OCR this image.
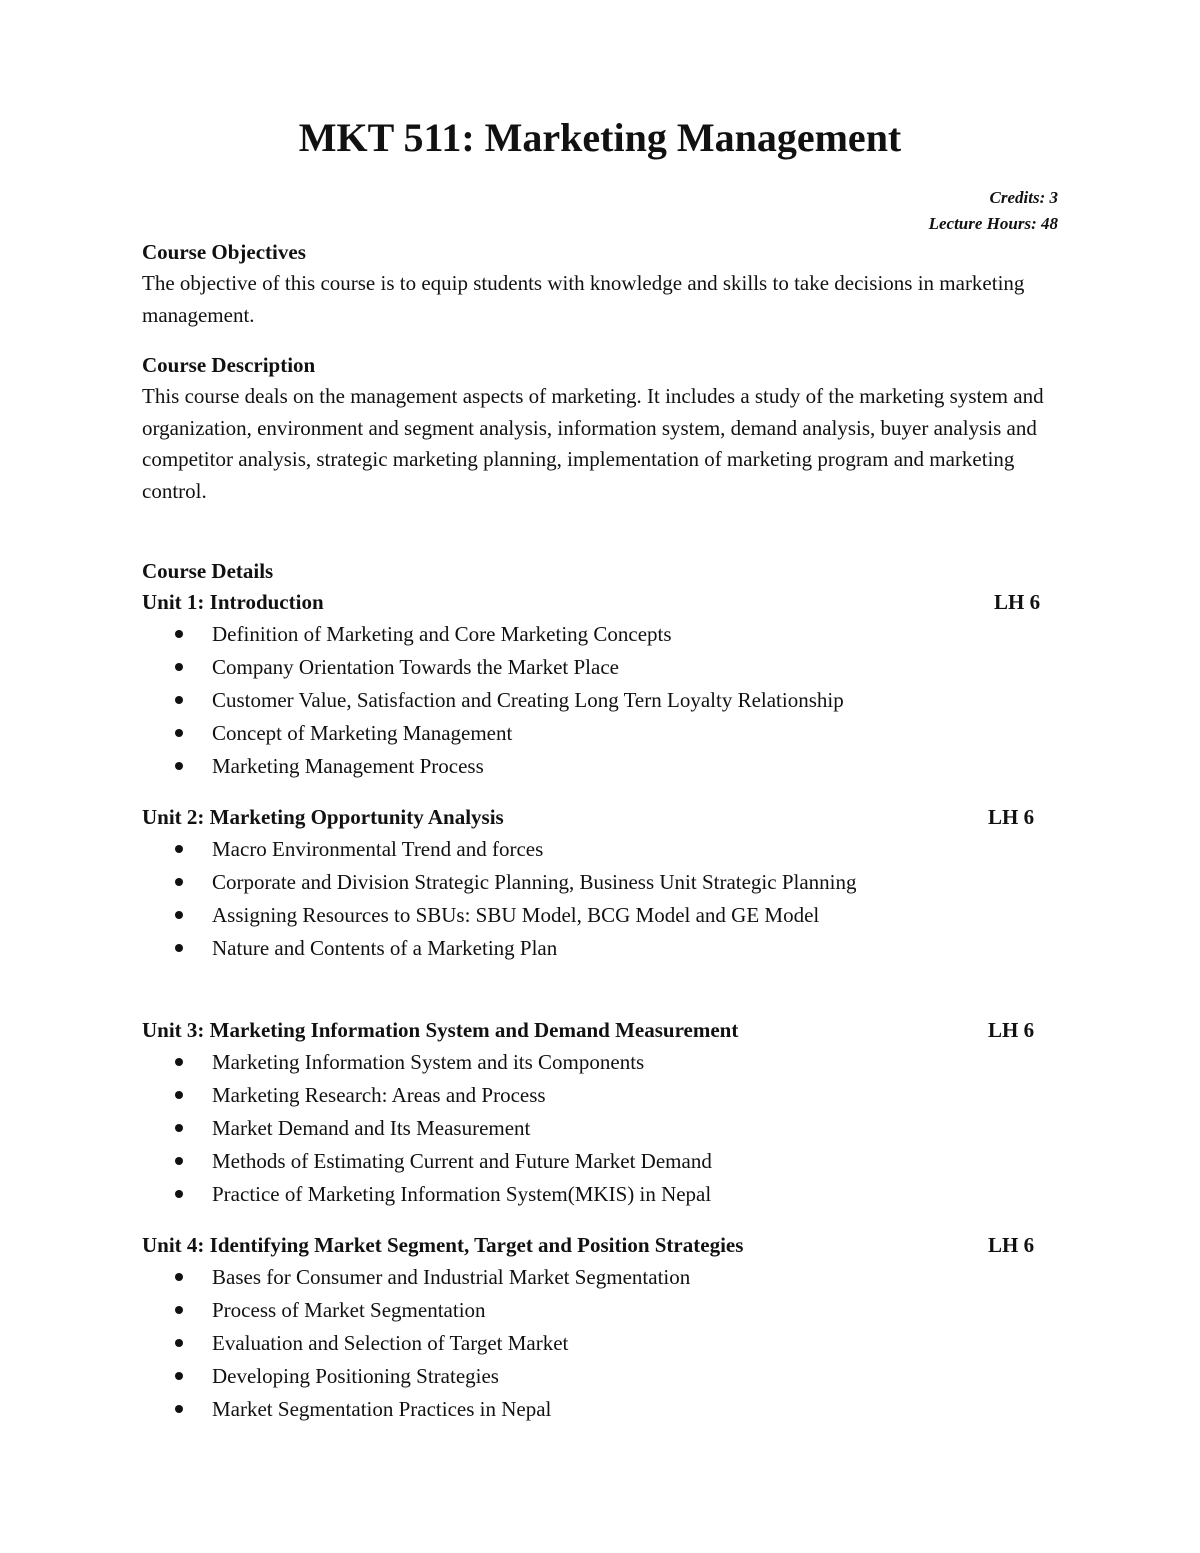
MKT 511: Marketing Management
Credits: 3
Lecture Hours: 48
Course Objectives
The objective of this course is to equip students with knowledge and skills to take decisions in marketing management.
Course Description
This course deals on the management aspects of marketing. It includes a study of the marketing system and organization, environment and segment analysis, information system, demand analysis, buyer analysis and competitor analysis, strategic marketing planning, implementation of marketing program and marketing control.
Course Details
Unit 1: Introduction	LH 6
Definition of Marketing and Core Marketing Concepts
Company Orientation Towards the Market Place
Customer Value, Satisfaction and Creating Long Tern Loyalty Relationship
Concept of Marketing Management
Marketing Management Process
Unit 2: Marketing Opportunity Analysis	LH 6
Macro Environmental Trend and forces
Corporate and Division Strategic Planning, Business Unit Strategic Planning
Assigning Resources to SBUs: SBU Model, BCG Model and GE Model
Nature and Contents of a Marketing Plan
Unit 3: Marketing Information System and Demand Measurement	LH 6
Marketing Information System and its Components
Marketing Research: Areas and Process
Market Demand and Its Measurement
Methods of Estimating Current and Future Market Demand
Practice of Marketing Information System(MKIS) in Nepal
Unit 4: Identifying Market Segment, Target and Position Strategies	LH 6
Bases for Consumer and Industrial Market Segmentation
Process of Market Segmentation
Evaluation and Selection of Target Market
Developing Positioning Strategies
Market Segmentation Practices in Nepal
